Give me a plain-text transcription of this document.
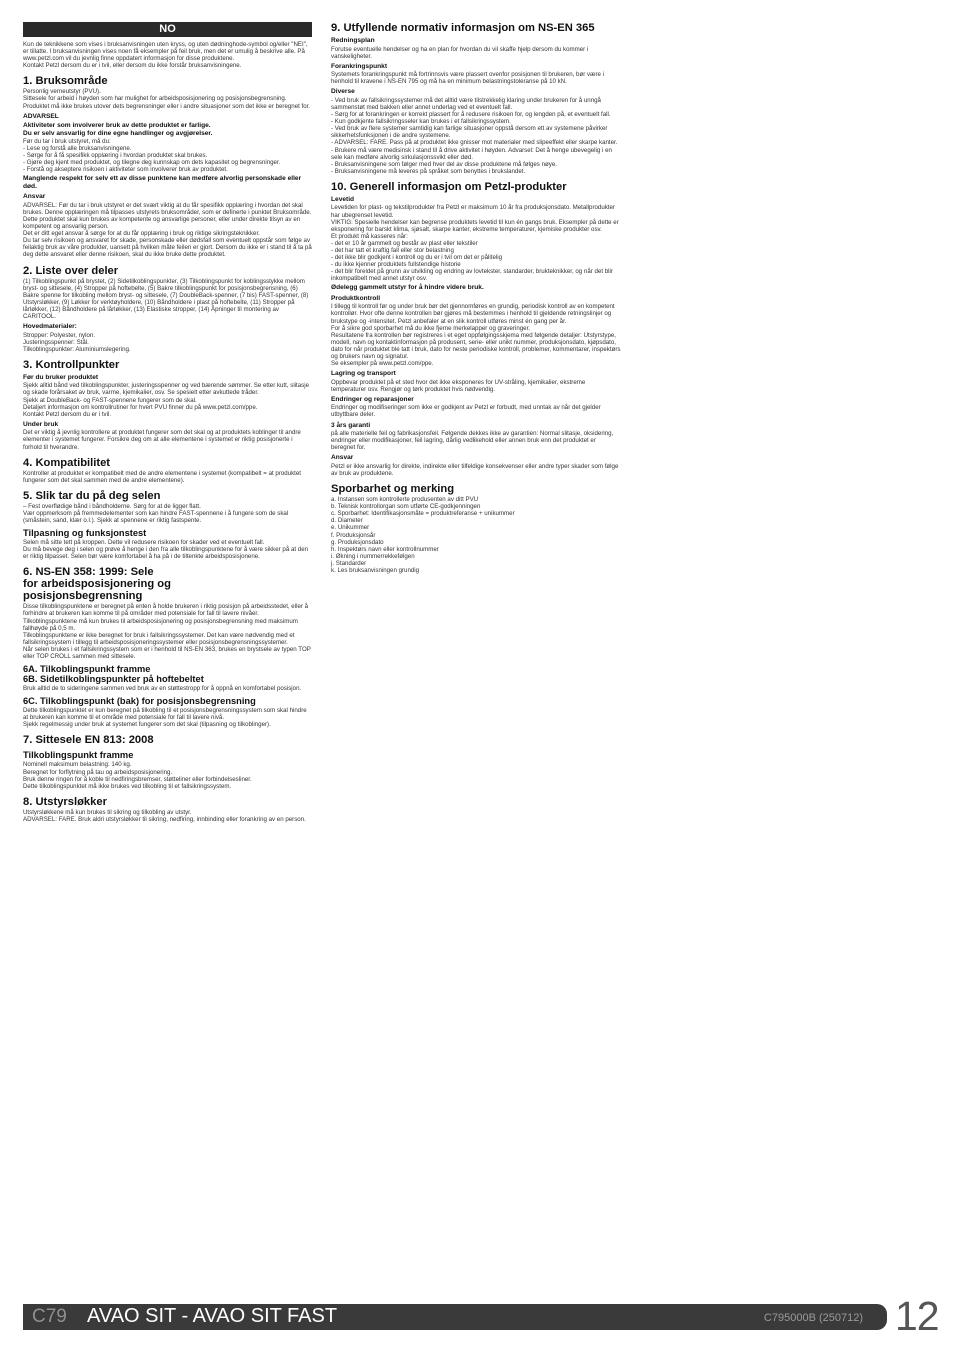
NO

Kun de teknikkene som vises i bruksanvisningen uten kryss, og uten dødninghode-symbol og/eller "NEI", er tillatte. I bruksanvisningen vises noen få eksempler på feil bruk, men det er umulig å beskrive alle. På www.petzl.com vil du jevnlig finne oppdatert informasjon for disse produktene.
Kontakt Petzl dersom du er i tvil, eller dersom du ikke forstår bruksanvisningene.

1. Bruksområde

Personlig verneutstyr (PVU).
Sittesele for arbeid i høyden som har mulighet for arbeidsposisjonering og posisjonsbegrensning.
Produktet må ikke brukes utover dets begrensninger eller i andre situasjoner som det ikke er beregnet for.

ADVARSEL
Aktiviteter som involverer bruk av dette produktet er farlige.
Du er selv ansvarlig for dine egne handlinger og avgjørelser.

Før du tar i bruk utstyret, må du:
- Lese og forstå alle bruksanvisningene.
- Sørge for å få spesifikk opplæring i hvordan produktet skal brukes.
- Gjøre deg kjent med produktet, og tilegne deg kunnskap om dets kapasitet og begrensninger.
- Forstå og akseptere risikoen i aktiviteter som involverer bruk av produktet.

Manglende respekt for selv ett av disse punktene kan medføre alvorlig personskade eller død.
Ansvar

ADVARSEL: Før du tar i bruk utstyret er det svært viktig at du får spesifikk opplæring i hvordan det skal brukes. Denne opplæringen må tilpasses utstyrets bruksområder, som er definerte i punktet Bruksområde.
Dette produktet skal kun brukes av kompetente og ansvarlige personer, eller under direkte tilsyn av en kompetent og ansvarlig person.
Det er ditt eget ansvar å sørge for at du får opplæring i bruk og riktige sikringsteknikker.
Du tar selv risikoen og ansvaret for skade, personskade eller dødsfall som eventuelt oppstår som følge av feilaktig bruk av våre produkter, uansett på hvilken måte feilen er gjort. Dersom du ikke er i stand til å ta på deg dette ansvaret eller denne risikoen, skal du ikke bruke dette produktet.

2. Liste over deler

(1) Tilkoblingspunkt på brystet, (2) Sidetilkoblingspunkter, (3) Tilkoblingspunkt for koblingsstykke mellom bryst- og sittesele, (4) Stropper på hoftebelte, (5) Bakre tilkoblingspunkt for posisjonsbegrensning, (6) Bakre spenne for tilkobling mellom bryst- og sittesele, (7) DoubleBack-spenner, (7 bis) FAST-spenner, (8) Utstyrsløkker, (9) Løkker for verktøyholdere, (10) Båndholdere i plast på hoftebelte, (11) Stropper på lårløkker, (12) Båndholdere på lårløkker, (13) Elastiske stropper, (14) Åpninger til montering av CARITOOL.

Hovedmaterialer:

Stropper: Polyester, nylon.
Justeringsspenner: Stål.
Tilkoblingspunkter: Aluminiumslegering.

3. Kontrollpunkter
Før du bruker produktet

Sjekk alltid bånd ved tilkoblingspunkter, justeringsspenner og ved bærende sømmer. Se etter kutt, slitasje og skade forårsaket av bruk, varme, kjemikalier, osv. Se spesielt etter avkuttede tråder.
Sjekk at DoubleBack- og FAST-spennene fungerer som de skal.
Detaljert informasjon om kontrollrutiner for hvert PVU finner du på www.petzl.com/ppe.
Kontakt Petzl dersom du er i tvil.

Under bruk

Det er viktig å jevnlig kontrollere at produktet fungerer som det skal og at produktets koblinger til andre elementer i systemet fungerer. Forsikre deg om at alle elementene i systemet er riktig posisjonerte i forhold til hverandre.

4. Kompatibilitet

Kontroller at produktet er kompatibelt med de andre elementene i systemet (kompatibelt = at produktet fungerer som det skal sammen med de andre elementene).

5. Slik tar du på deg selen

– Fest overflødige bånd i båndholderne. Sørg for at de ligger flatt.
Vær oppmerksom på fremmedelementer som kan hindre FAST-spennene i å fungere som de skal (småstein, sand, klær o.l.). Sjekk at spennene er riktig fastspente.

Tilpasning og funksjonstest

Selen må sitte tett på kroppen. Dette vil redusere risikoen for skader ved et eventuelt fall.
Du må bevege deg i selen og prøve å henge i den fra alle tilkoblingspunktene for å være sikker på at den er riktig tilpasset. Selen bør være komfortabel å ha på i de tiltenkte arbeidsposisjonene.

6. NS-EN 358: 1999: Sele
for arbeidsposisjonering og
posisjonsbegrensning

Disse tilkoblingspunktene er beregnet på enten å holde brukeren i riktig posisjon på arbeidsstedet, eller å forhindre at brukeren kan komme til på områder med potensiale for fall til lavere nivåer. Tilkoblingspunktene må kun brukes til arbeidsposisjonering og posisjonsbegrensning med maksimum fallhøyde på 0,5 m.
Tilkoblingspunktene er ikke beregnet for bruk i fallsikringssystemer. Det kan være nødvendig med et fallsikringssystem i tillegg til arbeidsposisjoneringssystemer eller posisjonsbegrensningssystemer.
Når selen brukes i et fallsikringssystem som er i henhold til NS-EN 363, brukes en brystsele av typen TOP eller TOP CROLL sammen med sittesele.

6A. Tilkoblingspunkt framme
6B. Sidetilkoblingspunkter på hoftebeltet

Bruk alltid de to sideringene sammen ved bruk av en støttestropp for å oppnå en komfortabel posisjon.

6C. Tilkoblingspunkt (bak) for posisjonsbegrensning

Dette tilkoblingspunktet er kun beregnet på tilkobling til et posisjonsbegrensningssystem som skal hindre at brukeren kan komme til et område med potensiale for fall til lavere nivå.
Sjekk regelmessig under bruk at systemet fungerer som det skal (tilpasning og tilkoblinger).

7. Sittesele EN 813: 2008
Tilkoblingspunkt framme

Nominell maksimum belastning: 140 kg.
Beregnet for forflytning på tau og arbeidsposisjonering.
Bruk denne ringen for å koble til nedfiringsbremser, støtteliner eller forbindelsesliner.
Dette tilkoblingspunktet må ikke brukes ved tilkobling til et fallsikringssystem.

8. Utstyrsløkker

Utstyrsløkkene må kun brukes til sikring og tilkobling av utstyr.
ADVARSEL: FARE. Bruk aldri utstyrsløkker til sikring, nedfiring, innbinding eller forankring av en person.

9. Utfyllende normativ informasjon om NS-EN 365
Redningsplan

Forutse eventuelle hendelser og ha en plan for hvordan du vil skaffe hjelp dersom du kommer i vanskeligheter.

Forankringspunkt

Systemets forankringspunkt må fortrinnsvis være plassert ovenfor posisjonen til brukeren, bør være i henhold til kravene i NS-EN 795 og må ha en minimum belastningstoleranse på 10 kN.

Diverse

- Ved bruk av fallsikringssystemer må det alltid være tilstrekkelig klaring under brukeren for å unngå sammenstøt med bakken eller annet underlag ved et eventuelt fall.
- Sørg for at forankringen er korrekt plassert for å redusere risikoen for, og lengden på, et eventuelt fall.
- Kun godkjente fallsikringsseler kan brukes i et fallsikringssystem.
- Ved bruk av flere systemer samtidig kan farlige situasjoner oppstå dersom ett av systemene påvirker sikkerhetsfunksjonen i de andre systemene.
- ADVARSEL: FARE. Pass på at produktet ikke gnisser mot materialer med slipeeffekt eller skarpe kanter.
- Brukere må være medisinsk i stand til å drive aktivitet i høyden. Advarsel: Det å henge ubevegelig i en sele kan medføre alvorlig sirkulasjonssvikt eller død.
- Bruksanvisningene som følger med hver del av disse produktene må følges nøye.
- Bruksanvisningene må leveres på språket som benyttes i brukslandet.

10. Generell informasjon om Petzl-produkter
Levetid

Levetiden for plast- og tekstilprodukter fra Petzl er maksimum 10 år fra produksjonsdato. Metallprodukter har ubegrenset levetid.
VIKTIG: Spesielle hendelser kan begrense produktets levetid til kun én gangs bruk. Eksempler på dette er eksponering for barskt klima, sjøsalt, skarpe kanter, ekstreme temperaturer, kjemiske produkter osv.
Et produkt må kasseres når:
- det er 10 år gammelt og består av plast eller tekstiler
- det har tatt et kraftig fall eller stor belastning
- det ikke blir godkjent i kontroll og du er i tvil om det er pålitelig
- du ikke kjenner produktets fullstendige historie
- det blir foreldet på grunn av utvikling og endring av lovtekster, standarder, brukteknikker, og når det blir inkompatibelt med annet utstyr osv.

Ødelegg gammelt utstyr for å hindre videre bruk.
Produktkontroll

I tillegg til kontroll før og under bruk bør det gjennomføres en grundig, periodisk kontroll av en kompetent kontrollør. Hvor ofte denne kontrollen bør gjøres må bestemmes i henhold til gjeldende retningslinjer og brukstype og -intensitet. Petzl anbefaler at en slik kontroll utføres minst én gang per år.
For å sikre god sporbarhet må du ikke fjerne merkelapper og graveringer.
Resultatene fra kontrollen bør registreres i et eget oppfølgingsskjema med følgende detaljer: Utstyrstype, modell, navn og kontaktinformasjon på produsent, serie- eller unikt nummer, produksjonsdato, kjøpsdato, dato for når produktet ble tatt i bruk, dato for neste periodiske kontroll, problemer, kommentarer, inspektørs og brukers navn og signatur.
Se eksempler på www.petzl.com/ppe.

Lagring og transport

Oppbevar produktet på et sted hvor det ikke eksponeres for UV-stråling, kjemikalier, ekstreme temperaturer osv. Rengjør og tørk produktet hvis nødvendig.

Endringer og reparasjoner

Endringer og modifiseringer som ikke er godkjent av Petzl er forbudt, med unntak av når det gjelder utbyttbare deler.

3 års garanti

på alle materielle feil og fabrikasjonsfeil. Følgende dekkes ikke av garantien: Normal slitasje, oksidering, endringer eller modifikasjoner, feil lagring, dårlig vedlikehold eller annen bruk enn det produktet er beregnet for.

Ansvar

Petzl er ikke ansvarlig for direkte, indirekte eller tilfeldige konsekvenser eller andre typer skader som følge av bruk av produktene.

Sporbarhet og merking

a. Instansen som kontrollerte produsenten av ditt PVU
b. Teknisk kontrollorgan som utførte CE-godkjenningen
c. Sporbarhet: Identifikasjonsmåte = produktreferanse + unikummer
d. Diameter
e. Unikummer
f. Produksjonsår
g. Produksjonsdato
h. Inspektørs navn eller kontrollnummer
i. Økning i nummerrekkefølgen
j. Standarder
k. Les bruksanvisningen grundig

C79 AVAO SIT - AVAO SIT FAST	C795000B (250712) 12
